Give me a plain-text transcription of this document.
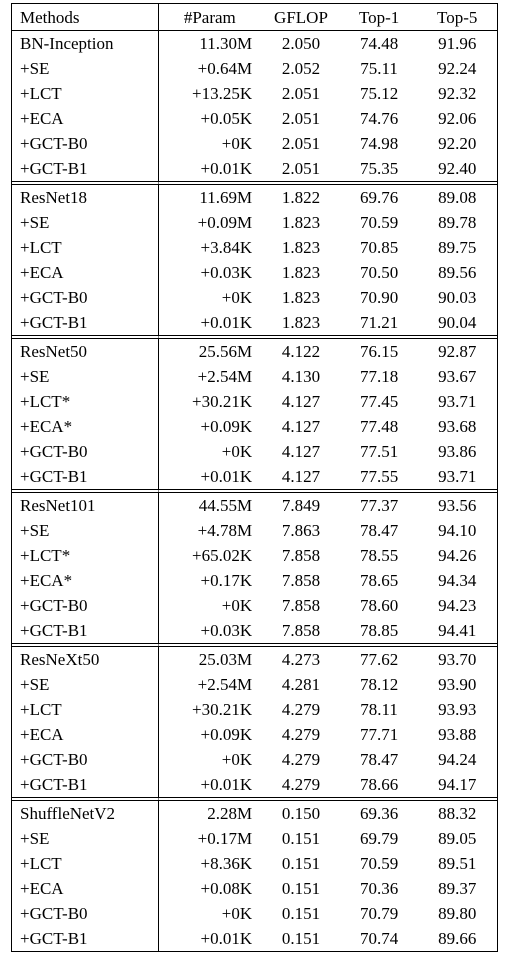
Methods	#Param	GFLOP	Top-1	Top-5
BN-Inception	11.30M	2.050	74.48	91.96
+SE	+0.64M	2.052	75.11	92.24
+LCT	+13.25K	2.051	75.12	92.32
+ECA	+0.05K	2.051	74.76	92.06
+GCT-B0	+0K	2.051	74.98	92.20
+GCT-B1	+0.01K	2.051	75.35	92.40
ResNet18	11.69M	1.822	69.76	89.08
+SE	+0.09M	1.823	70.59	89.78
+LCT	+3.84K	1.823	70.85	89.75
+ECA	+0.03K	1.823	70.50	89.56
+GCT-B0	+0K	1.823	70.90	90.03
+GCT-B1	+0.01K	1.823	71.21	90.04
ResNet50	25.56M	4.122	76.15	92.87
+SE	+2.54M	4.130	77.18	93.67
+LCT*	+30.21K	4.127	77.45	93.71
+ECA*	+0.09K	4.127	77.48	93.68
+GCT-B0	+0K	4.127	77.51	93.86
+GCT-B1	+0.01K	4.127	77.55	93.71
ResNet101	44.55M	7.849	77.37	93.56
+SE	+4.78M	7.863	78.47	94.10
+LCT*	+65.02K	7.858	78.55	94.26
+ECA*	+0.17K	7.858	78.65	94.34
+GCT-B0	+0K	7.858	78.60	94.23
+GCT-B1	+0.03K	7.858	78.85	94.41
ResNeXt50	25.03M	4.273	77.62	93.70
+SE	+2.54M	4.281	78.12	93.90
+LCT	+30.21K	4.279	78.11	93.93
+ECA	+0.09K	4.279	77.71	93.88
+GCT-B0	+0K	4.279	78.47	94.24
+GCT-B1	+0.01K	4.279	78.66	94.17
ShuffleNetV2	2.28M	0.150	69.36	88.32
+SE	+0.17M	0.151	69.79	89.05
+LCT	+8.36K	0.151	70.59	89.51
+ECA	+0.08K	0.151	70.36	89.37
+GCT-B0	+0K	0.151	70.79	89.80
+GCT-B1	+0.01K	0.151	70.74	89.66
